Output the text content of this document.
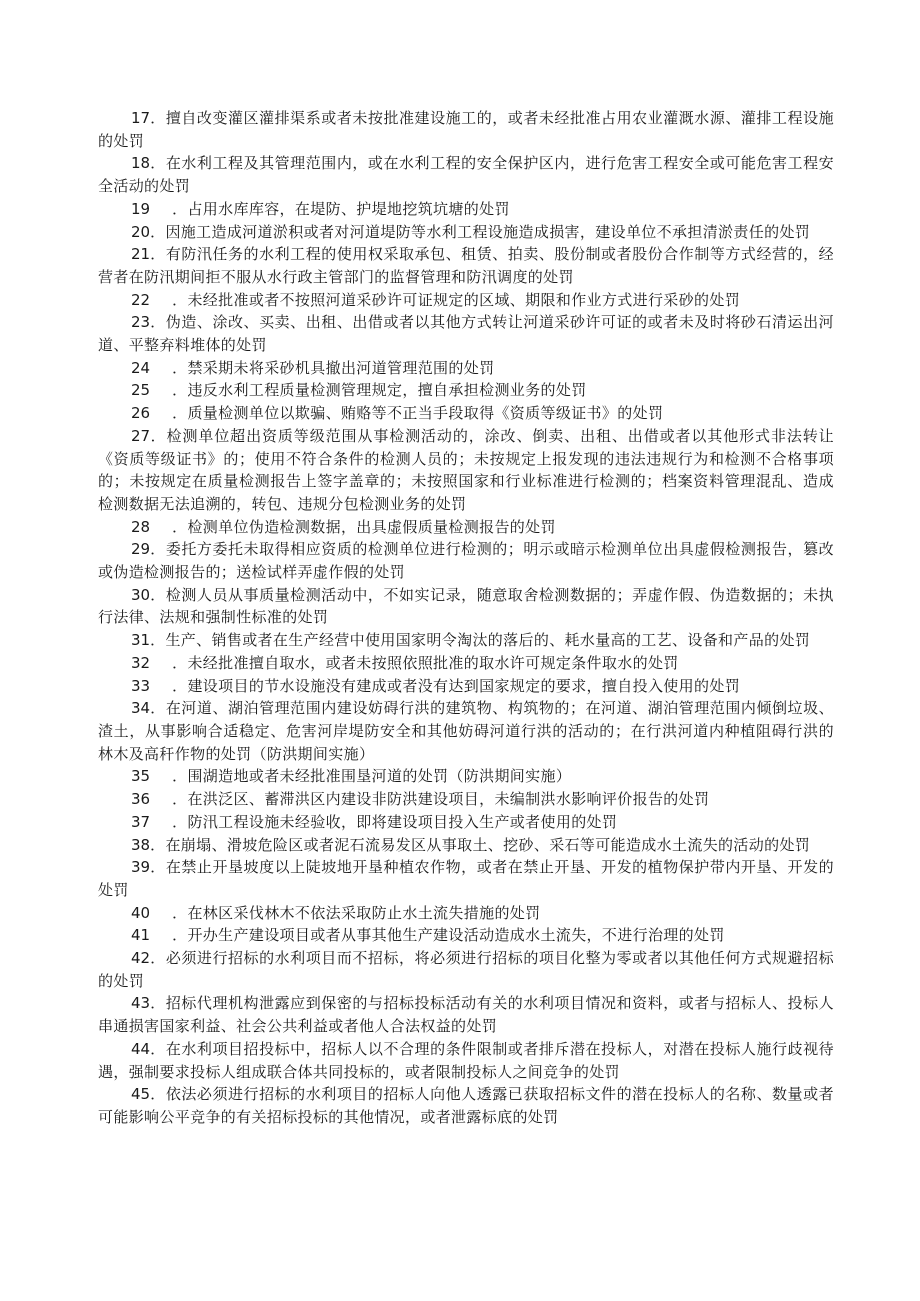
17．擅自改变灌区灌排渠系或者未按批准建设施工的，或者未经批准占用农业灌溉水源、灌排工程设施的处罚

18．在水利工程及其管理范围内，或在水利工程的安全保护区内，进行危害工程安全或可能危害工程安全活动的处罚

19 ．占用水库库容，在堤防、护堤地挖筑坑塘的处罚

20．因施工造成河道淤积或者对河道堤防等水利工程设施造成损害，建设单位不承担清淤责任的处罚

21．有防汛任务的水利工程的使用权采取承包、租赁、拍卖、股份制或者股份合作制等方式经营的，经营者在防汛期间拒不服从水行政主管部门的监督管理和防汛调度的处罚

22 ．未经批准或者不按照河道采砂许可证规定的区域、期限和作业方式进行采砂的处罚

23．伪造、涂改、买卖、出租、出借或者以其他方式转让河道采砂许可证的或者未及时将砂石清运出河道、平整弃料堆体的处罚

24 ．禁采期未将采砂机具撤出河道管理范围的处罚

25 ．违反水利工程质量检测管理规定，擅自承担检测业务的处罚

26 ．质量检测单位以欺骗、贿赂等不正当手段取得《资质等级证书》的处罚

27．检测单位超出资质等级范围从事检测活动的，涂改、倒卖、出租、出借或者以其他形式非法转让《资质等级证书》的；使用不符合条件的检测人员的；未按规定上报发现的违法违规行为和检测不合格事项的；未按规定在质量检测报告上签字盖章的；未按照国家和行业标准进行检测的；档案资料管理混乱、造成检测数据无法追溯的，转包、违规分包检测业务的处罚

28 ．检测单位伪造检测数据，出具虚假质量检测报告的处罚

29．委托方委托未取得相应资质的检测单位进行检测的；明示或暗示检测单位出具虚假检测报告，篡改或伪造检测报告的；送检试样弄虚作假的处罚

30．检测人员从事质量检测活动中，不如实记录，随意取舍检测数据的；弄虚作假、伪造数据的；未执行法律、法规和强制性标准的处罚

31．生产、销售或者在生产经营中使用国家明令淘汰的落后的、耗水量高的工艺、设备和产品的处罚

32 ．未经批准擅自取水，或者未按照依照批准的取水许可规定条件取水的处罚

33 ．建设项目的节水设施没有建成或者没有达到国家规定的要求，擅自投入使用的处罚

34．在河道、湖泊管理范围内建设妨碍行洪的建筑物、构筑物的；在河道、湖泊管理范围内倾倒垃圾、渣土，从事影响合适稳定、危害河岸堤防安全和其他妨碍河道行洪的活动的；在行洪河道内种植阻碍行洪的林木及高秆作物的处罚（防洪期间实施）

35 ．围湖造地或者未经批准围垦河道的处罚（防洪期间实施）

36 ．在洪泛区、蓄滞洪区内建设非防洪建设项目，未编制洪水影响评价报告的处罚

37 ．防汛工程设施未经验收，即将建设项目投入生产或者使用的处罚

38．在崩塌、滑坡危险区或者泥石流易发区从事取土、挖砂、采石等可能造成水土流失的活动的处罚

39．在禁止开垦坡度以上陡坡地开垦种植农作物，或者在禁止开垦、开发的植物保护带内开垦、开发的处罚

40 ．在林区采伐林木不依法采取防止水土流失措施的处罚

41 ．开办生产建设项目或者从事其他生产建设活动造成水土流失，不进行治理的处罚

42．必须进行招标的水利项目而不招标，将必须进行招标的项目化整为零或者以其他任何方式规避招标的处罚

43．招标代理机构泄露应到保密的与招标投标活动有关的水利项目情况和资料，或者与招标人、投标人串通损害国家利益、社会公共利益或者他人合法权益的处罚

44．在水利项目招投标中，招标人以不合理的条件限制或者排斥潜在投标人，对潜在投标人施行歧视待遇，强制要求投标人组成联合体共同投标的，或者限制投标人之间竞争的处罚

45．依法必须进行招标的水利项目的招标人向他人透露已获取招标文件的潜在投标人的名称、数量或者可能影响公平竞争的有关招标投标的其他情况，或者泄露标底的处罚
